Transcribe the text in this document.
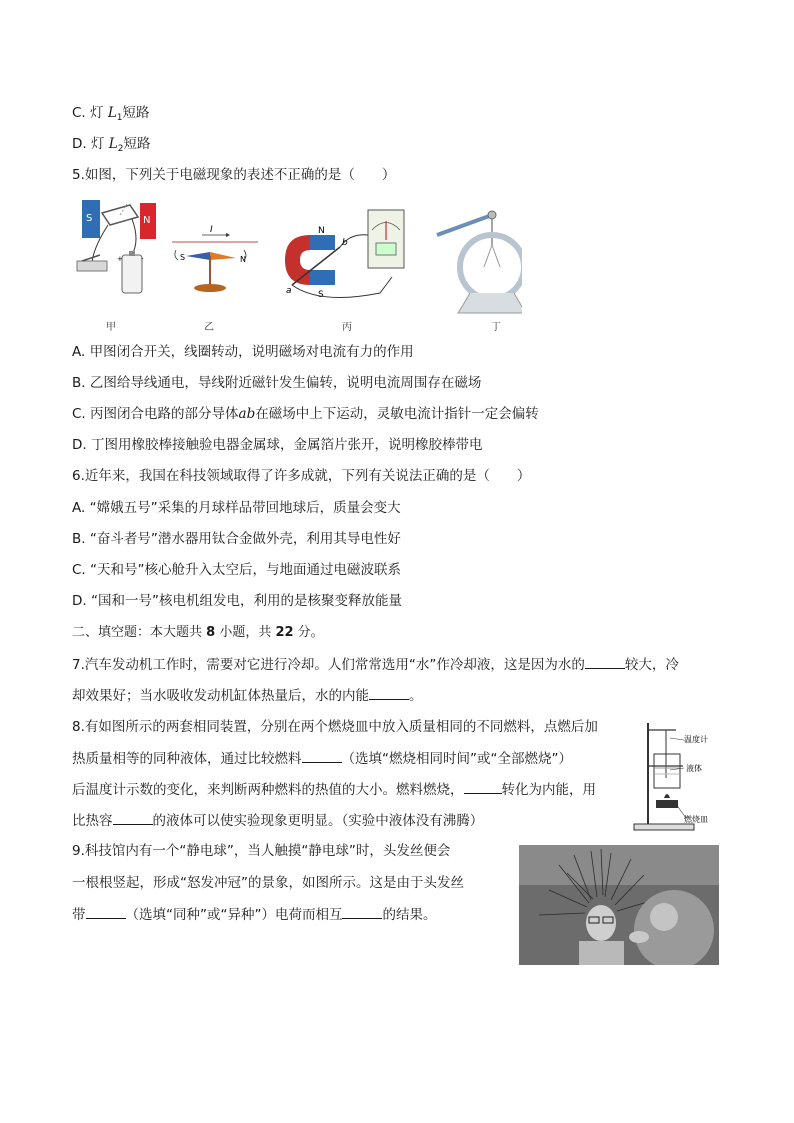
C. 灯 $L_1$短路
D. 灯 $L_2$短路
5.如图，下列关于电磁现象的表述不正确的是（　　）
S	N
+	-
甲
I
S	N
乙
N
S
a
b
丙	丁
A. 甲图闭合开关，线圈转动，说明磁场对电流有力的作用
B. 乙图给导线通电，导线附近磁针发生偏转，说明电流周围存在磁场
C. 丙图闭合电路的部分导体ab在磁场中上下运动，灵敏电流计指针一定会偏转
D. 丁图用橡胶棒接触验电器金属球，金属箔片张开，说明橡胶棒带电
6.近年来，我国在科技领域取得了许多成就，下列有关说法正确的是（　　）
A. “嫦娥五号”采集的月球样品带回地球后，质量会变大
B. “奋斗者号”潜水器用钛合金做外壳，利用其导电性好
C. “天和号”核心舱升入太空后，与地面通过电磁波联系
D. “国和一号”核电机组发电，利用的是核聚变释放能量
二、填空题：本大题共 8 小题，共 22 分。
7.汽车发动机工作时，需要对它进行冷却。人们常常选用“水”作冷却液，这是因为水的	较大，冷
却效果好；当水吸收发动机缸体热量后，水的内能	。
8.有如图所示的两套相同装置，分别在两个燃烧皿中放入质量相同的不同燃料，点燃后加
热质量相等的同种液体，通过比较燃料	（选填“燃烧相同时间”或“全部燃烧”）
后温度计示数的变化，来判断两种燃料的热值的大小。燃料燃烧，	转化为内能，用
比热容	的液体可以使实验现象更明显。（实验中液体没有沸腾）
温度计
液体
燃烧皿
9.科技馆内有一个“静电球”，当人触摸“静电球”时，头发丝便会
一根根竖起，形成“怒发冲冠”的景象，如图所示。这是由于头发丝
带	（选填“同种”或“异种”）电荷而相互	的结果。
